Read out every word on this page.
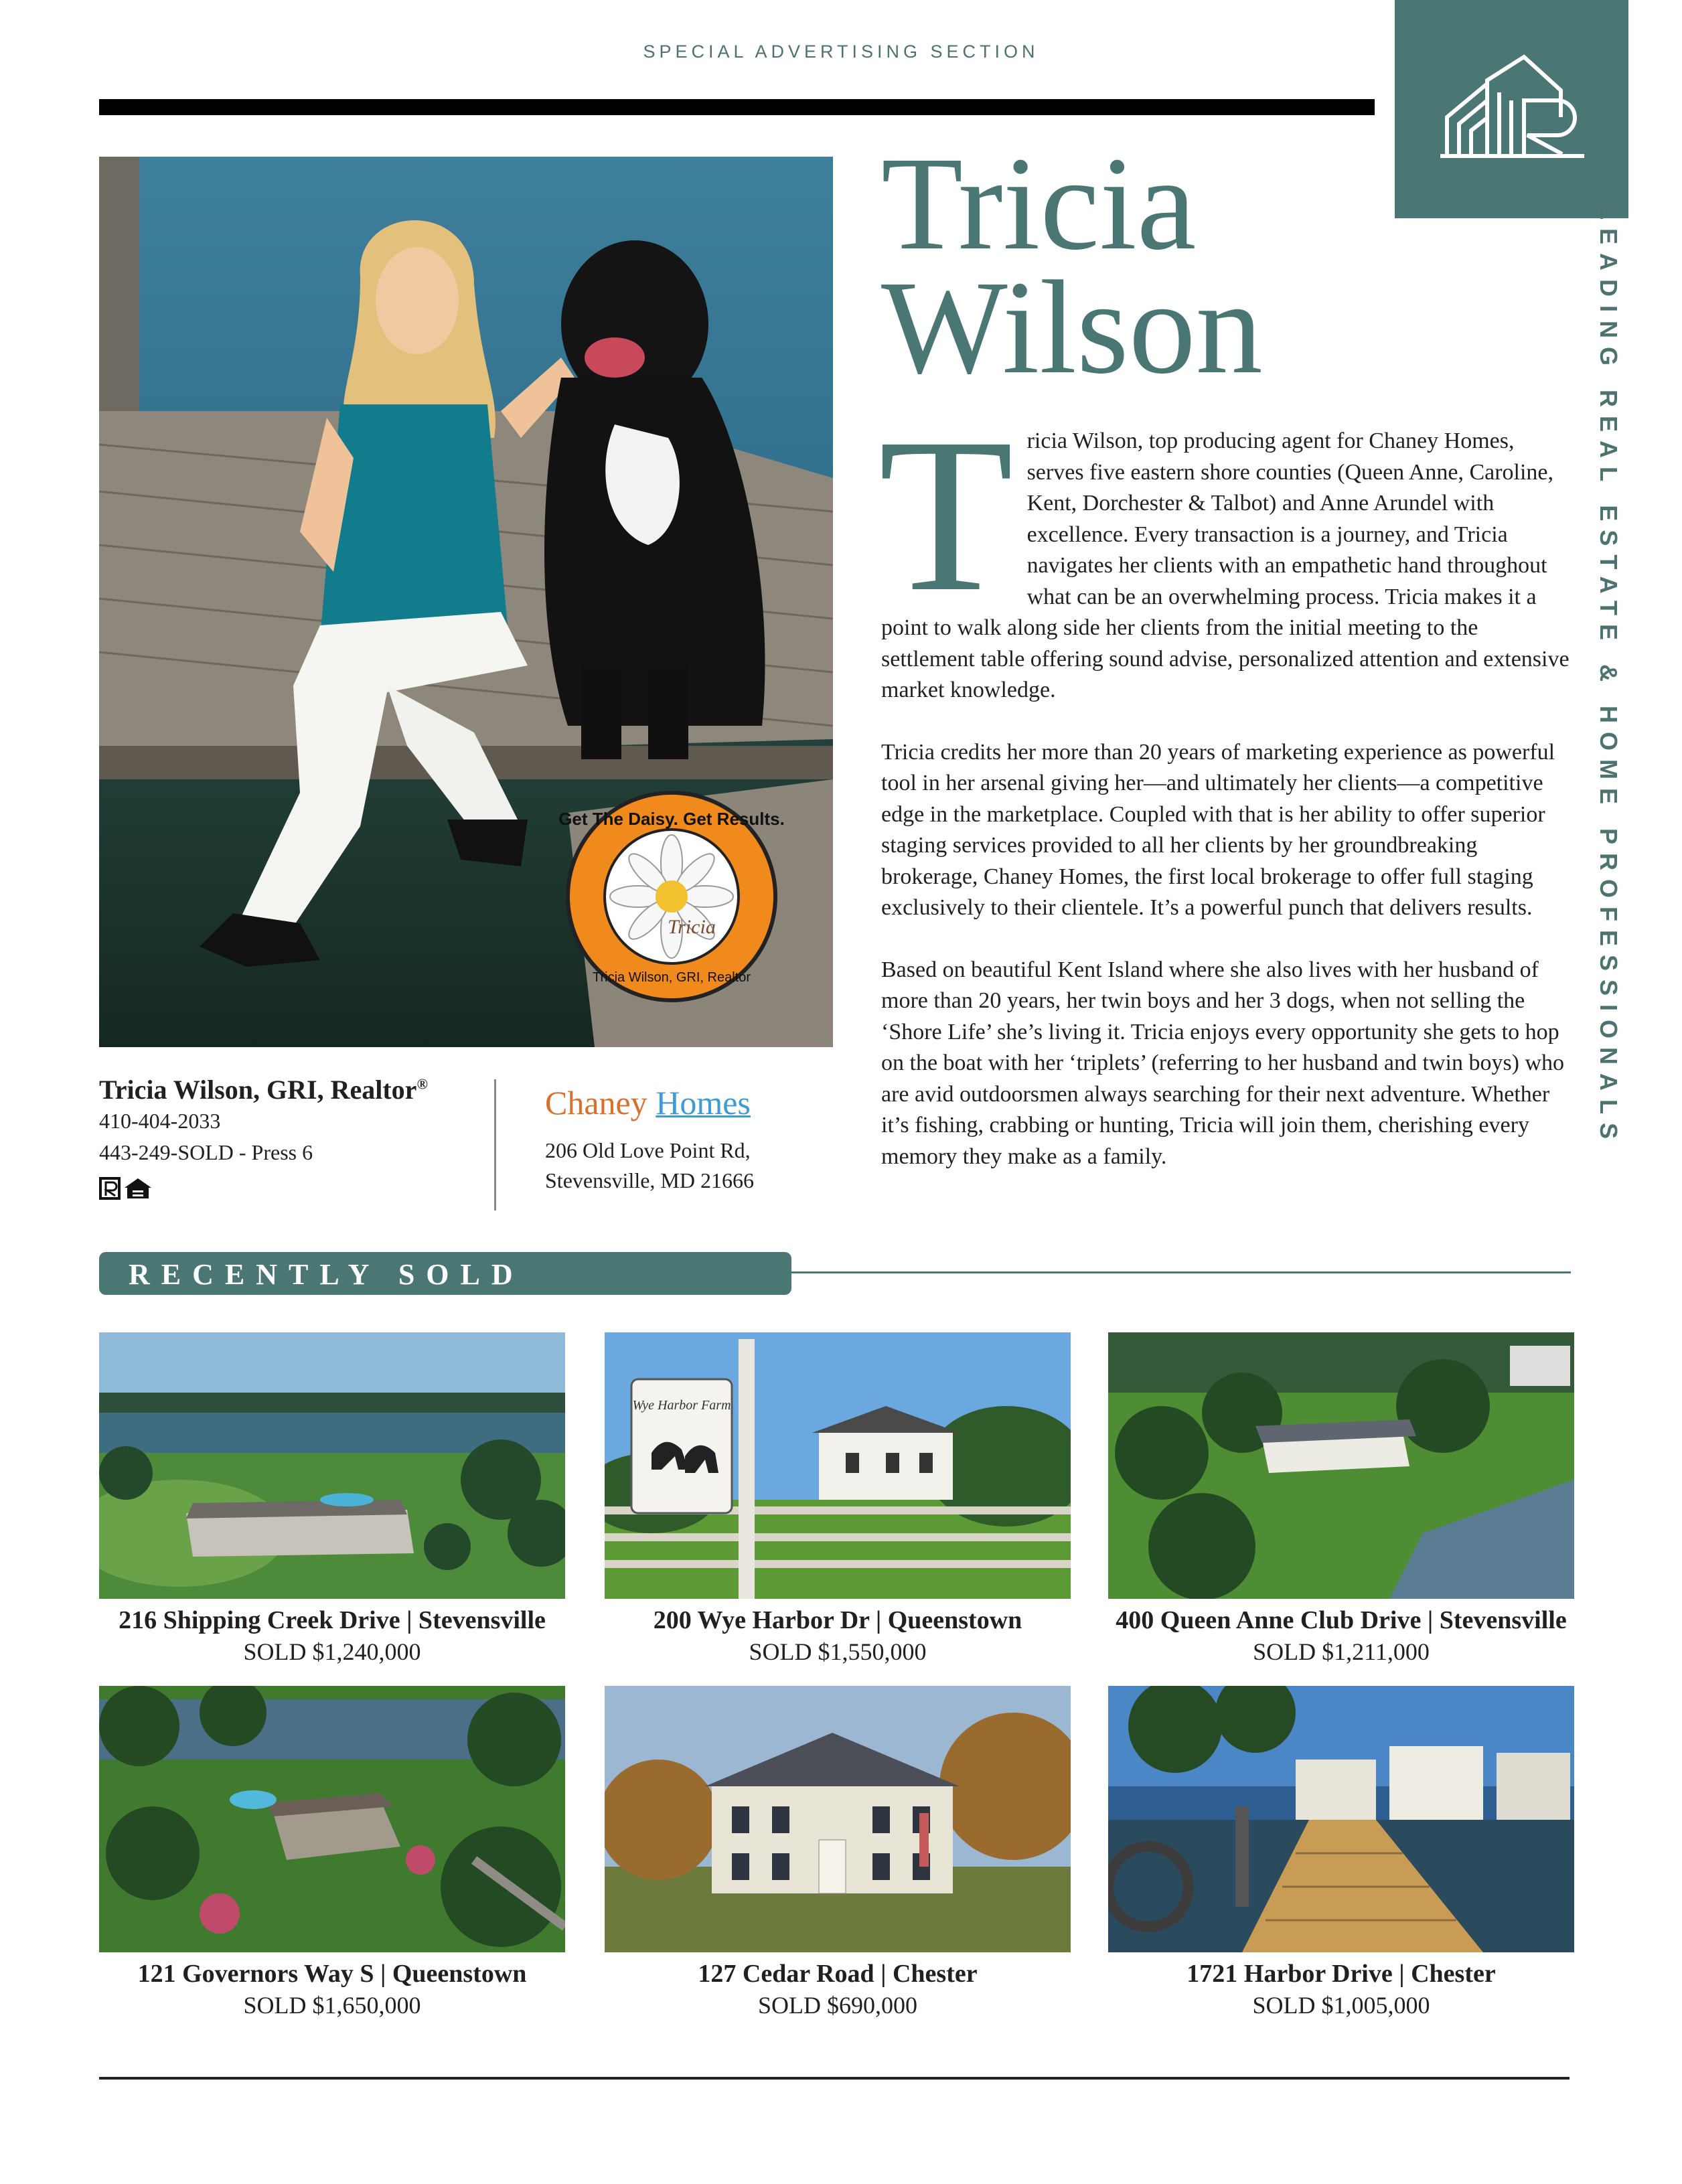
SPECIAL ADVERTISING SECTION
LEADING REAL ESTATE & HOME PROFESSIONALS
Get The Daisy. Get Results.
Tricia
Tricia Wilson, GRI, Realtor
Tricia
Wilson

Tricia Wilson, top producing agent for Chaney Homes, serves five eastern shore counties (Queen Anne, Caroline, Kent, Dorchester & Talbot) and Anne Arundel with excellence. Every transaction is a journey, and Tricia navigates her clients with an empathetic hand throughout what can be an overwhelming process. Tricia makes it a point to walk along side her clients from the initial meeting to the settlement table offering sound advise, personalized attention and extensive market knowledge.

Tricia credits her more than 20 years of marketing experience as powerful tool in her arsenal giving her—and ultimately her clients—a competitive edge in the marketplace. Coupled with that is her ability to offer superior staging services provided to all her clients by her groundbreaking brokerage, Chaney Homes, the first local brokerage to offer full staging exclusively to their clientele. It’s a powerful punch that delivers results.

Based on beautiful Kent Island where she also lives with her husband of more than 20 years, her twin boys and her 3 dogs, when not selling the ‘Shore Life’ she’s living it. Tricia enjoys every opportunity she gets to hop on the boat with her ‘triplets’ (referring to her husband and twin boys) who are avid outdoorsmen always searching for their next adventure. Whether it’s fishing, crabbing or hunting, Tricia will join them, cherishing every memory they make as a family.

Tricia Wilson, GRI, Realtor®
410-404-2033
443-249-SOLD - Press 6
Chaney Homes
206 Old Love Point Rd,
Stevensville, MD 21666
RECENTLY SOLD PROPERTIES
216 Shipping Creek Drive | Stevensville
SOLD $1,240,000
Wye Harbor Farm
200 Wye Harbor Dr | Queenstown
SOLD $1,550,000
400 Queen Anne Club Drive | Stevensville
SOLD $1,211,000
121 Governors Way S | Queenstown
SOLD $1,650,000
127 Cedar Road | Chester
SOLD $690,000
1721 Harbor Drive | Chester
SOLD $1,005,000
